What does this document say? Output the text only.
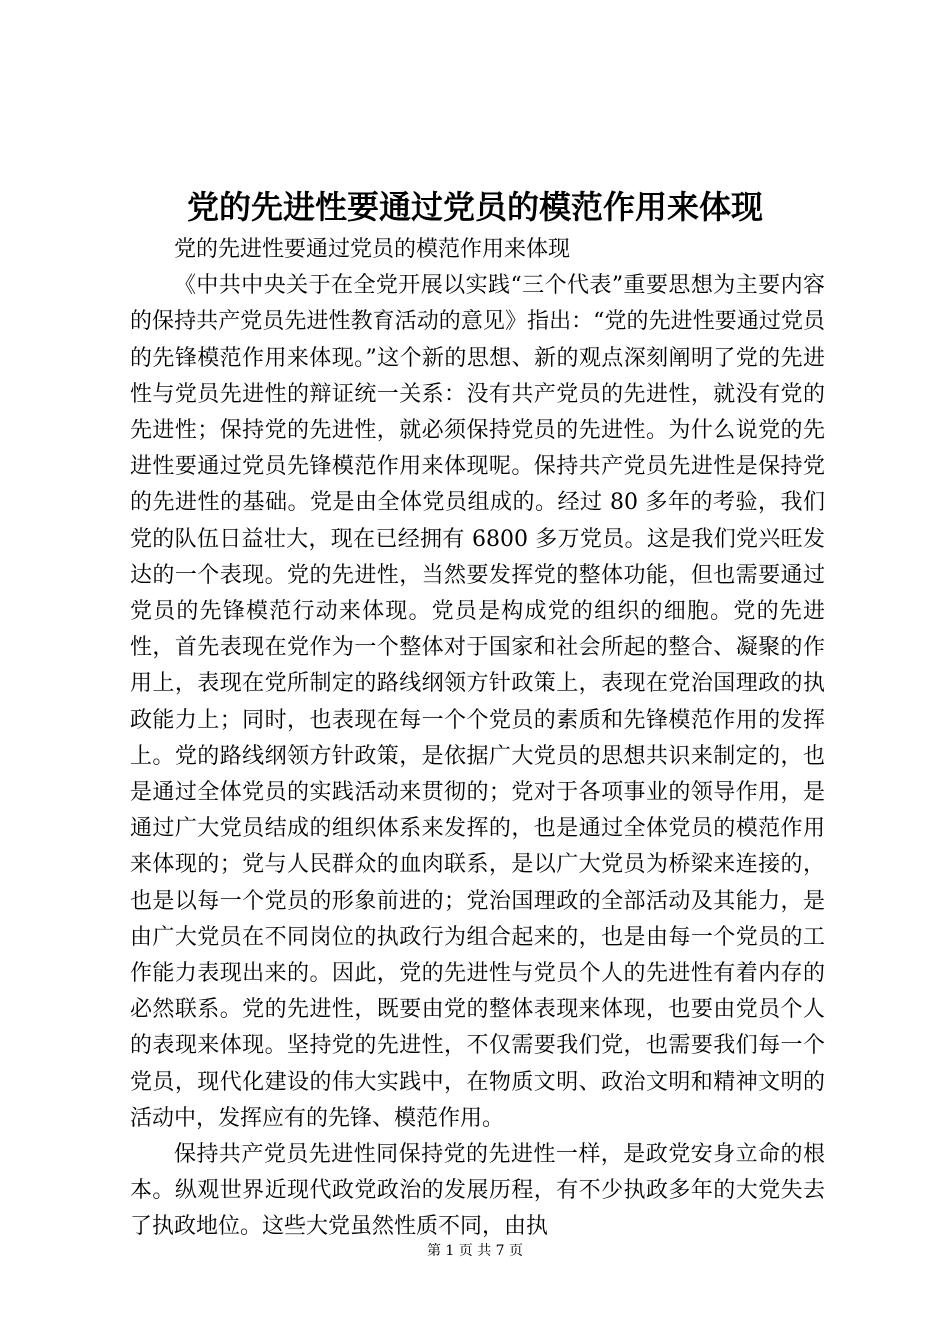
党的先进性要通过党员的模范作用来体现

党的先进性要通过党员的模范作用来体现

《中共中央关于在全党开展以实践“三个代表”重要思想为主要内容的保持共产党员先进性教育活动的意见》指出：“党的先进性要通过党员的先锋模范作用来体现。”这个新的思想、新的观点深刻阐明了党的先进性与党员先进性的辩证统一关系：没有共产党员的先进性，就没有党的先进性；保持党的先进性，就必须保持党员的先进性。为什么说党的先进性要通过党员先锋模范作用来体现呢。保持共产党员先进性是保持党的先进性的基础。党是由全体党员组成的。经过 80 多年的考验，我们党的队伍日益壮大，现在已经拥有 6800 多万党员。这是我们党兴旺发达的一个表现。党的先进性，当然要发挥党的整体功能，但也需要通过党员的先锋模范行动来体现。党员是构成党的组织的细胞。党的先进性，首先表现在党作为一个整体对于国家和社会所起的整合、凝聚的作用上，表现在党所制定的路线纲领方针政策上，表现在党治国理政的执政能力上；同时，也表现在每一个个党员的素质和先锋模范作用的发挥上。党的路线纲领方针政策，是依据广大党员的思想共识来制定的，也是通过全体党员的实践活动来贯彻的；党对于各项事业的领导作用，是通过广大党员结成的组织体系来发挥的，也是通过全体党员的模范作用来体现的；党与人民群众的血肉联系，是以广大党员为桥梁来连接的，也是以每一个党员的形象前进的；党治国理政的全部活动及其能力，是由广大党员在不同岗位的执政行为组合起来的，也是由每一个党员的工作能力表现出来的。因此，党的先进性与党员个人的先进性有着内存的必然联系。党的先进性，既要由党的整体表现来体现，也要由党员个人的表现来体现。坚持党的先进性，不仅需要我们党，也需要我们每一个党员，现代化建设的伟大实践中，在物质文明、政治文明和精神文明的活动中，发挥应有的先锋、模范作用。

保持共产党员先进性同保持党的先进性一样，是政党安身立命的根本。纵观世界近现代政党政治的发展历程，有不少执政多年的大党失去了执政地位。这些大党虽然性质不同，由执

第 1 页 共 7 页
